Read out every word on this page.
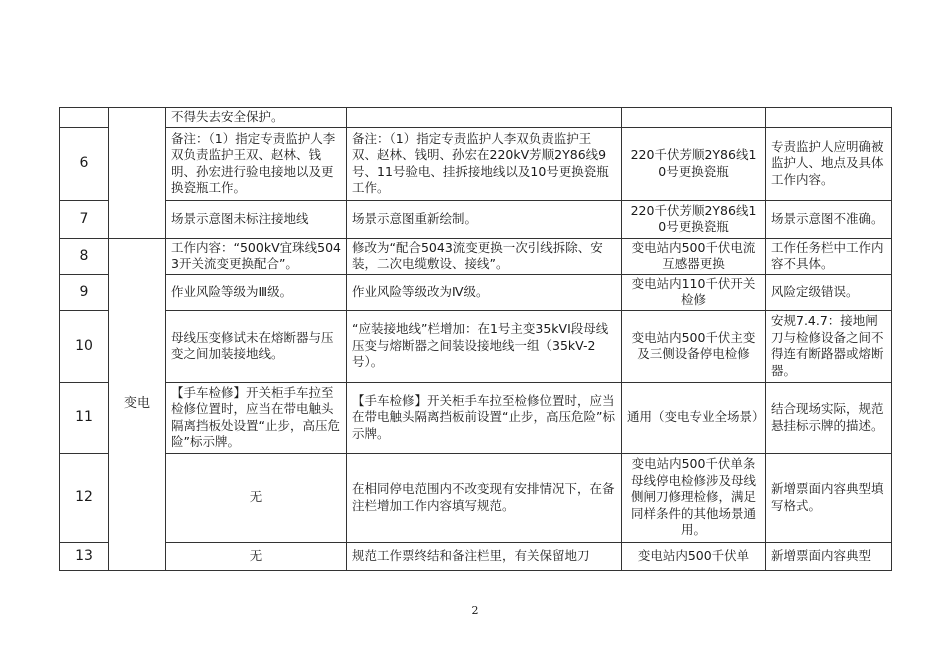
		不得失去安全保护。			
6		备注：（1）指定专责监护人李双负责监护王双、赵林、钱明、孙宏进行验电接地以及更换瓷瓶工作。	备注：（1）指定专责监护人李双负责监护王双、赵林、钱明、孙宏在220kV芳顺2Y86线9号、11号验电、挂拆接地线以及10号更换瓷瓶工作。	220千伏芳顺2Y86线10号更换瓷瓶	专责监护人应明确被监护人、地点及具体工作内容。
7		场景示意图未标注接地线	场景示意图重新绘制。	220千伏芳顺2Y86线10号更换瓷瓶	场景示意图不准确。
8	变电	工作内容：“500kV宜珠线5043开关流变更换配合”。	修改为“配合5043流变更换一次引线拆除、安装，二次电缆敷设、接线”。	变电站内500千伏电流互感器更换	工作任务栏中工作内容不具体。
9		作业风险等级为Ⅲ级。	作业风险等级改为Ⅳ级。	变电站内110千伏开关检修	风险定级错误。
10		母线压变修试未在熔断器与压变之间加装接地线。	“应装接地线”栏增加：在1号主变35kVⅠ段母线压变与熔断器之间装设接地线一组（35kV-2号）。	变电站内500千伏主变及三侧设备停电检修	安规7.4.7：接地闸刀与检修设备之间不得连有断路器或熔断器。
11		【手车检修】开关柜手车拉至检修位置时，应当在带电触头隔离挡板处设置“止步，高压危险”标示牌。	【手车检修】开关柜手车拉至检修位置时，应当在带电触头隔离挡板前设置“止步，高压危险”标示牌。	通用（变电专业全场景）	结合现场实际，规范悬挂标示牌的描述。
12		无	在相同停电范围内不改变现有安排情况下，在备注栏增加工作内容填写规范。	变电站内500千伏单条母线停电检修涉及母线侧闸刀修理检修，满足同样条件的其他场景通用。	新增票面内容典型填写格式。
13		无	规范工作票终结和备注栏里，有关保留地刀	变电站内500千伏单	新增票面内容典型
2
